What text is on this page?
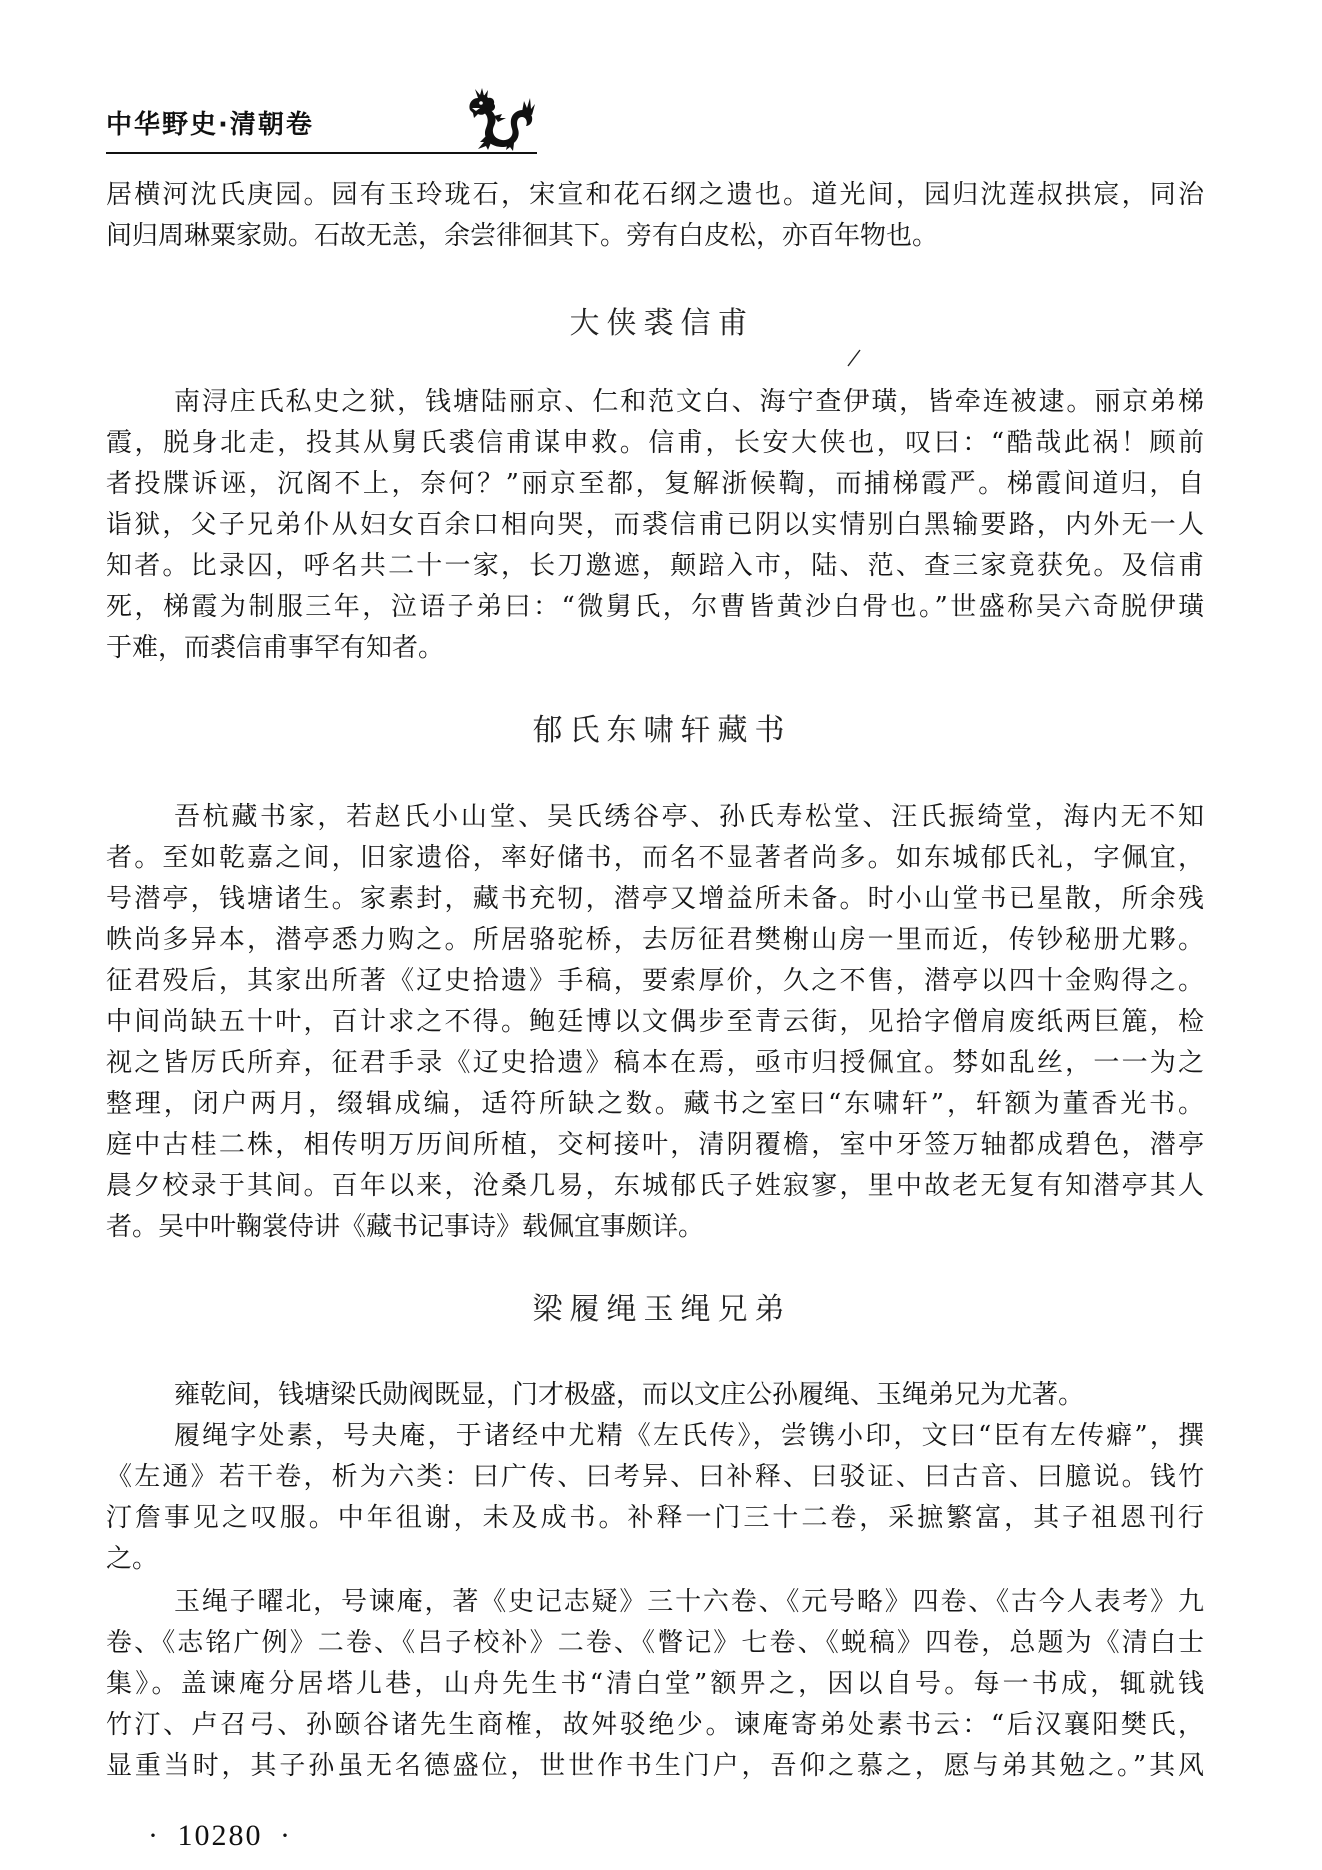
中华野史·清朝卷
居横河沈氏庚园。园有玉玲珑石，宋宣和花石纲之遗也。道光间，园归沈莲叔拱宸，同治
间归周琳粟家勋。石故无恙，余尝徘徊其下。旁有白皮松，亦百年物也。
大侠裘信甫
南浔庄氏私史之狱，钱塘陆丽京、仁和范文白、海宁查伊璜，皆牵连被逮。丽京弟梯
霞，脱身北走，投其从舅氏裘信甫谋申救。信甫，长安大侠也，叹曰：“酷哉此祸！顾前
者投牒诉诬，沉阁不上，奈何？”丽京至都，复解浙候鞫，而捕梯霞严。梯霞间道归，自
诣狱，父子兄弟仆从妇女百余口相向哭，而裘信甫已阴以实情别白黑输要路，内外无一人
知者。比录囚，呼名共二十一家，长刀邀遮，颠踣入市，陆、范、查三家竟获免。及信甫
死，梯霞为制服三年，泣语子弟曰：“微舅氏，尔曹皆黄沙白骨也。”世盛称吴六奇脱伊璜
于难，而裘信甫事罕有知者。
郁氏东啸轩藏书
吾杭藏书家，若赵氏小山堂、吴氏绣谷亭、孙氏寿松堂、汪氏振绮堂，海内无不知
者。至如乾嘉之间，旧家遗俗，率好储书，而名不显著者尚多。如东城郁氏礼，字佩宜，
号潜亭，钱塘诸生。家素封，藏书充牣，潜亭又增益所未备。时小山堂书已星散，所余残
帙尚多异本，潜亭悉力购之。所居骆驼桥，去厉征君樊榭山房一里而近，传钞秘册尤夥。
征君殁后，其家出所著《辽史拾遗》手稿，要索厚价，久之不售，潜亭以四十金购得之。
中间尚缺五十叶，百计求之不得。鲍廷博以文偶步至青云街，见拾字僧肩废纸两巨簏，检
视之皆厉氏所弃，征君手录《辽史拾遗》稿本在焉，亟市归授佩宜。棼如乱丝，一一为之
整理，闭户两月，缀辑成编，适符所缺之数。藏书之室曰“东啸轩”，轩额为董香光书。
庭中古桂二株，相传明万历间所植，交柯接叶，清阴覆檐，室中牙签万轴都成碧色，潜亭
晨夕校录于其间。百年以来，沧桑几易，东城郁氏子姓寂寥，里中故老无复有知潜亭其人
者。吴中叶鞠裳侍讲《藏书记事诗》载佩宜事颇详。
梁履绳玉绳兄弟
雍乾间，钱塘梁氏勋阀既显，门才极盛，而以文庄公孙履绳、玉绳弟兄为尤著。
履绳字处素，号夬庵，于诸经中尤精《左氏传》，尝镌小印，文曰“臣有左传癖”，撰
《左通》若干卷，析为六类：曰广传、曰考异、曰补释、曰驳证、曰古音、曰臆说。钱竹
汀詹事见之叹服。中年徂谢，未及成书。补释一门三十二卷，采摭繁富，其子祖恩刊行
之。
玉绳子曜北，号谏庵，著《史记志疑》三十六卷、《元号略》四卷、《古今人表考》九
卷、《志铭广例》二卷、《吕子校补》二卷、《瞥记》七卷、《蜕稿》四卷，总题为《清白士
集》。盖谏庵分居塔儿巷，山舟先生书“清白堂”额畀之，因以自号。每一书成，辄就钱
竹汀、卢召弓、孙颐谷诸先生商榷，故舛驳绝少。谏庵寄弟处素书云：“后汉襄阳樊氏，
显重当时，其子孙虽无名德盛位，世世作书生门户，吾仰之慕之，愿与弟其勉之。”其风
· 10280 ·
